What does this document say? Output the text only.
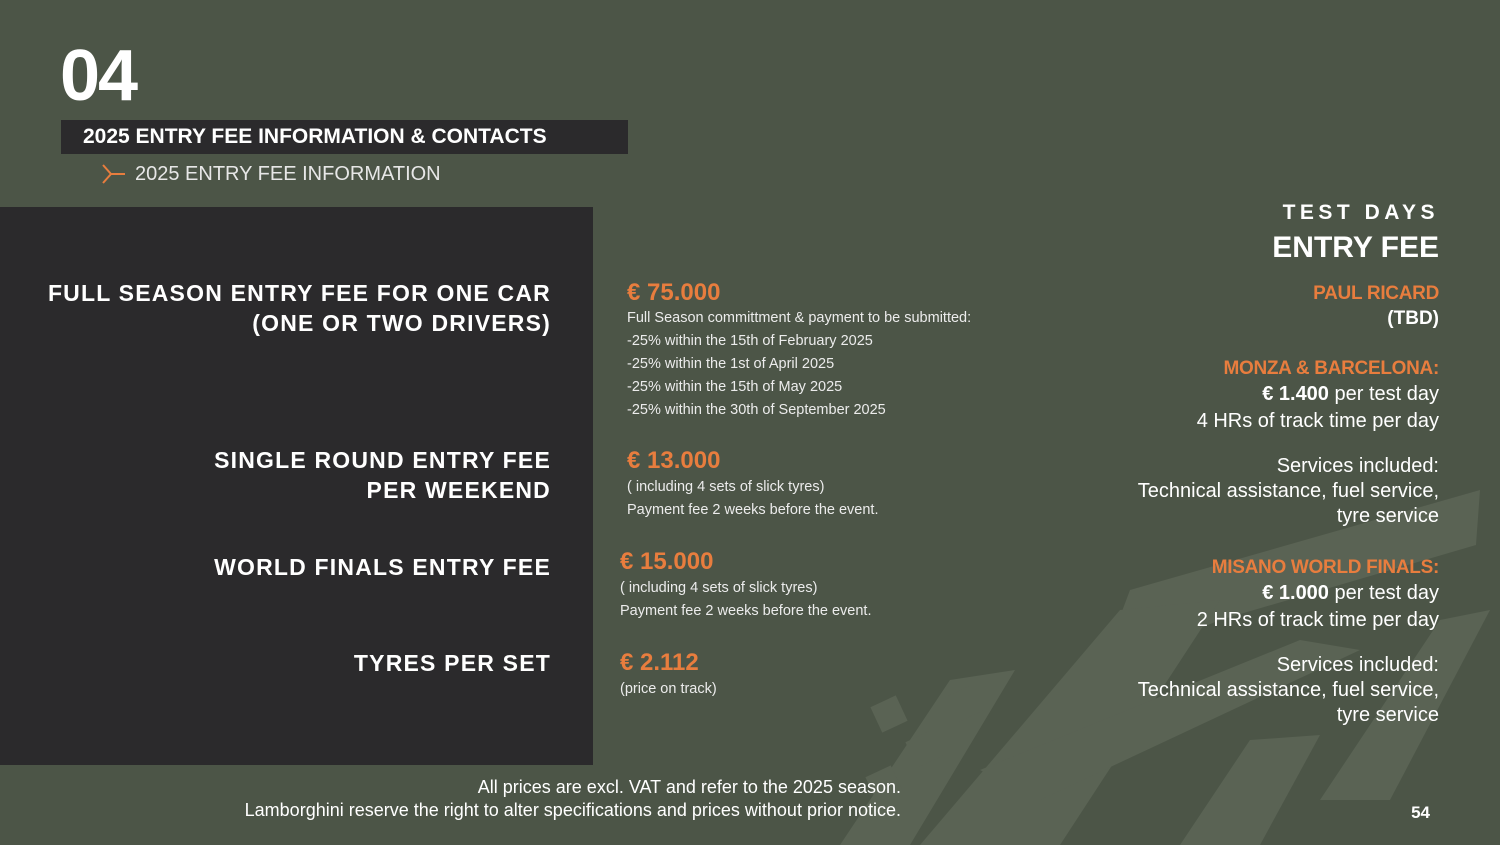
04
2025 ENTRY FEE INFORMATION & CONTACTS
2025 ENTRY FEE INFORMATION
FULL SEASON ENTRY FEE FOR ONE CAR
(ONE OR TWO DRIVERS)
€ 75.000
Full Season committment & payment to be submitted:
-25% within the 15th of February 2025
-25% within the 1st of April 2025
-25% within the 15th of May 2025
-25% within the 30th of September 2025
SINGLE ROUND ENTRY FEE
PER WEEKEND
€ 13.000
( including 4 sets of slick tyres)
Payment fee 2 weeks before the event.
WORLD FINALS ENTRY FEE	€ 15.000
( including 4 sets of slick tyres)
Payment fee 2 weeks before the event.
TYRES PER SET	€ 2.112
(price on track)
TEST DAYS
ENTRY FEE
PAUL RICARD
(TBD)
MONZA & BARCELONA:
€ 1.400 per test day
4 HRs of track time per day
Services included:
Technical assistance, fuel service,
tyre service
MISANO WORLD FINALS:
€ 1.000 per test day
2 HRs of track time per day
Services included:
Technical assistance, fuel service,
tyre service
All prices are excl. VAT and refer to the 2025 season.
Lamborghini reserve the right to alter specifications and prices without prior notice.	54
